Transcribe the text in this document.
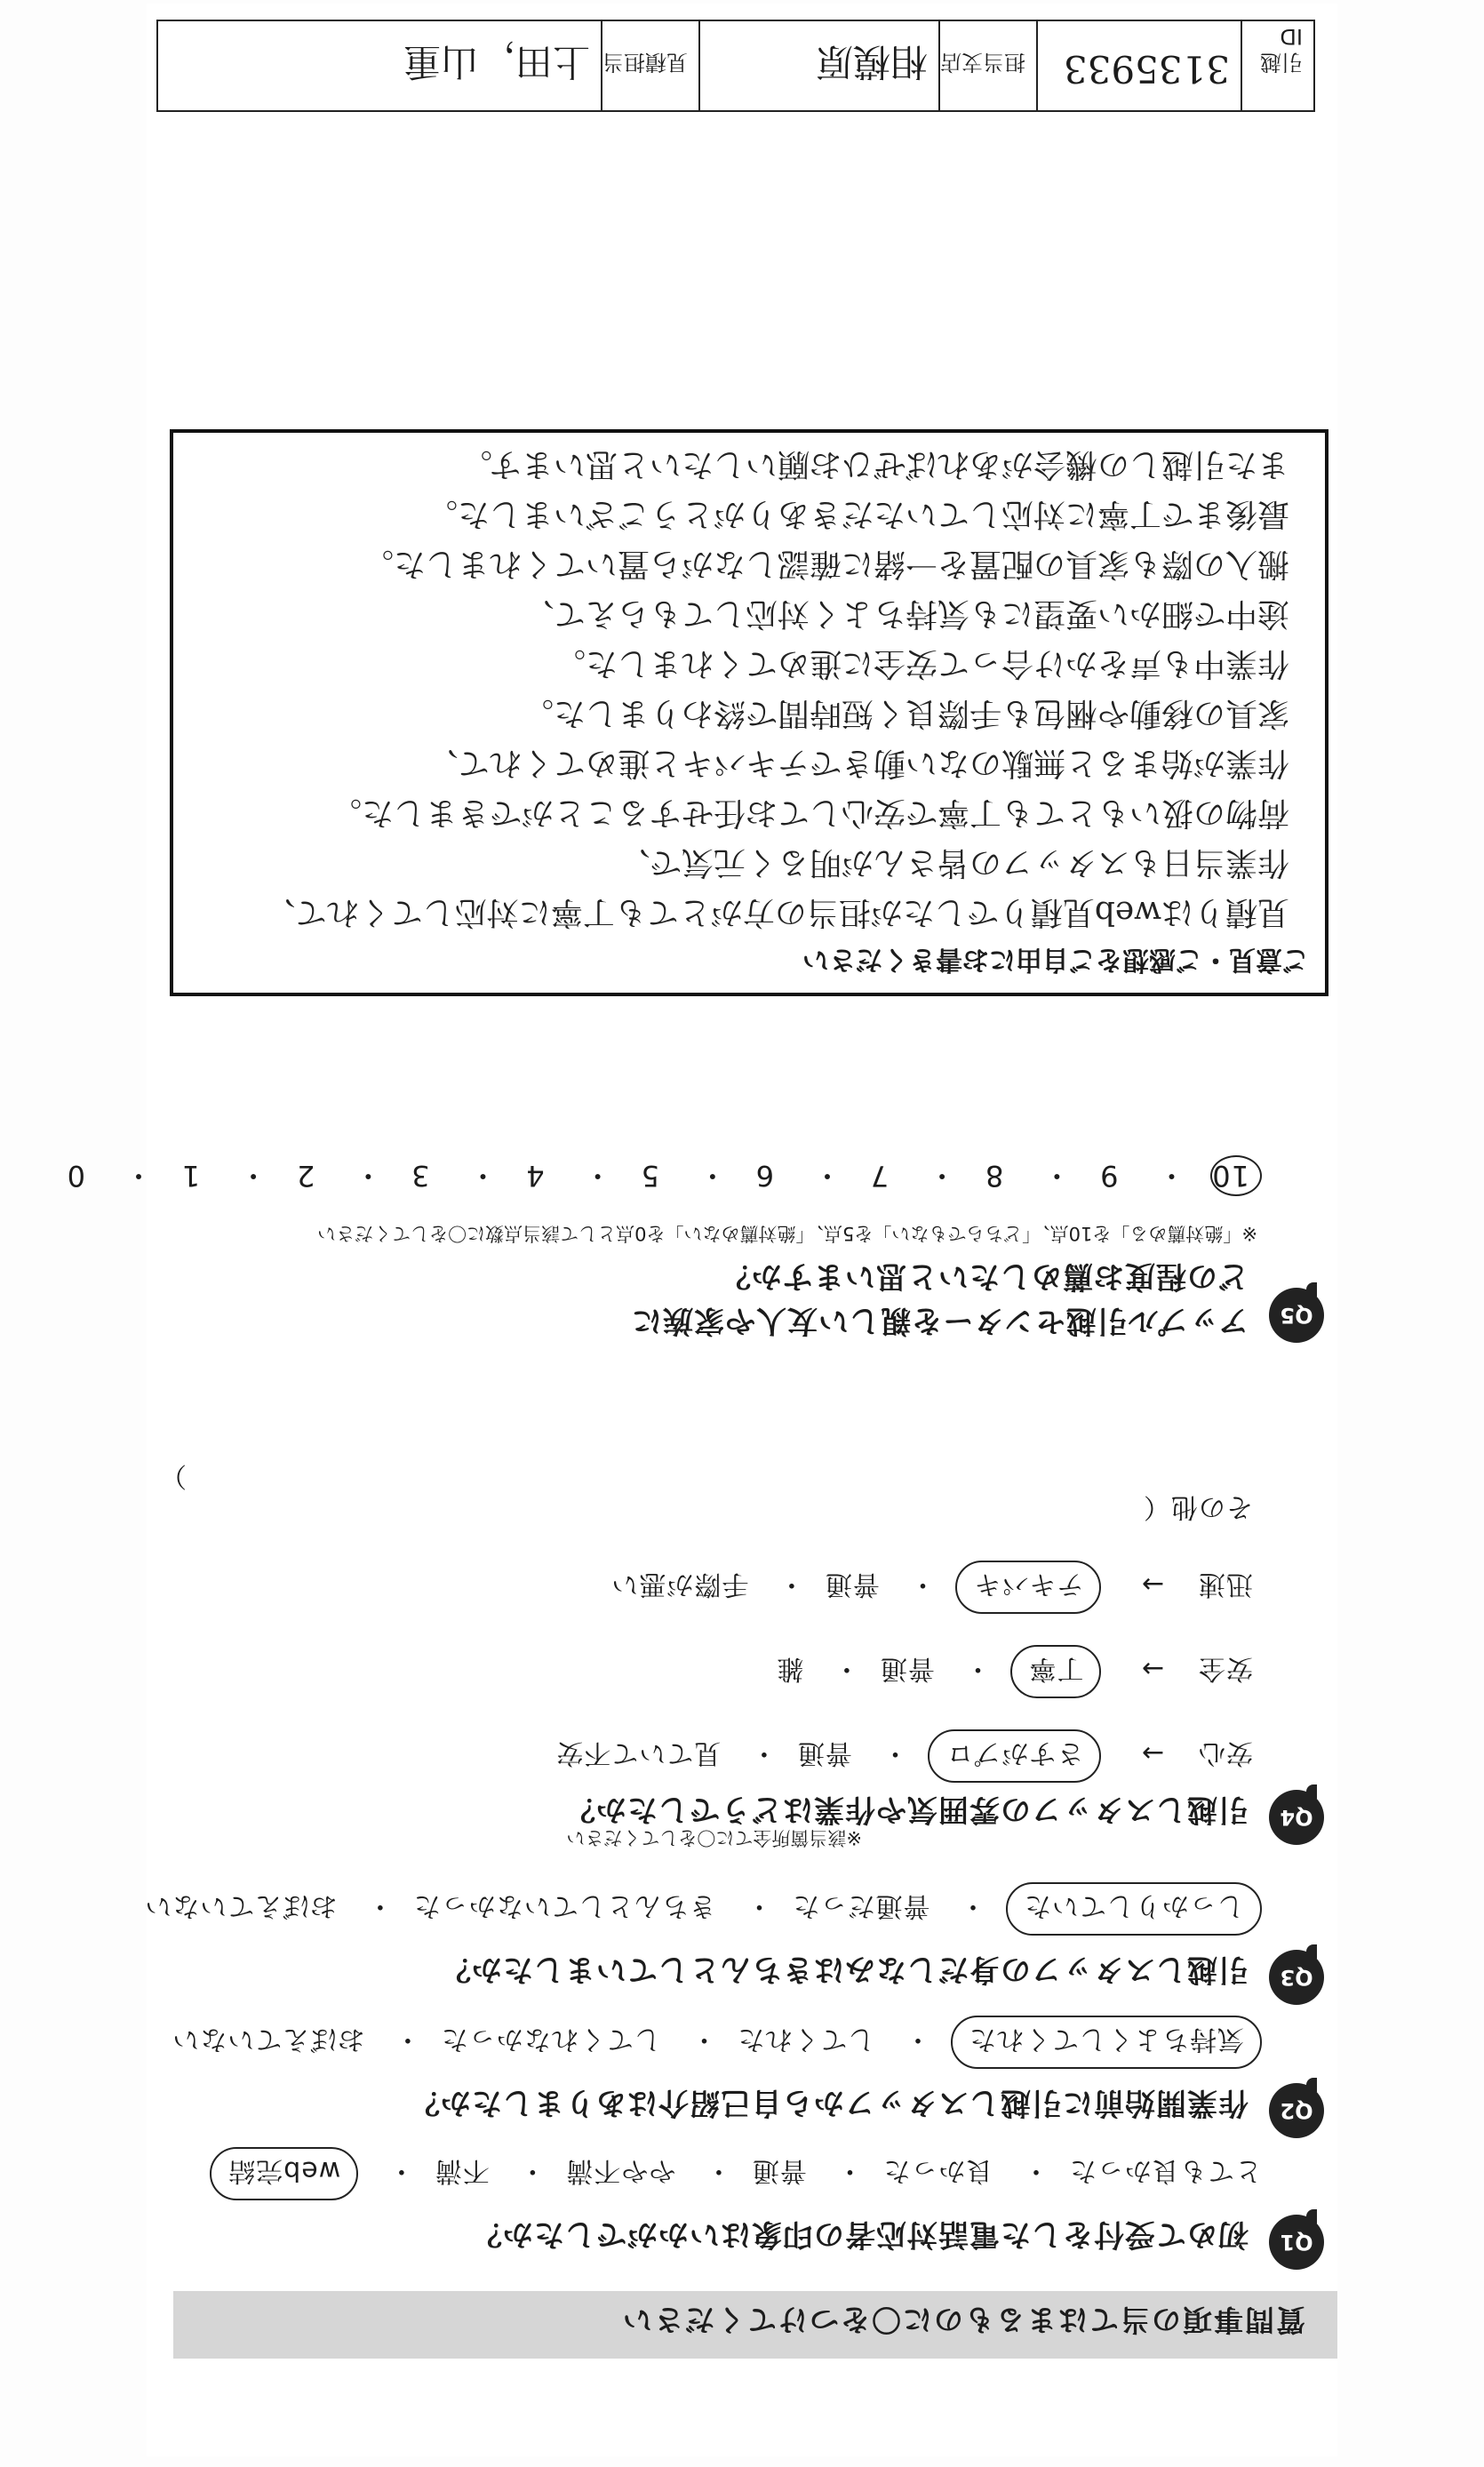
質問事項の当てはまるものに〇をつけてください
Q1
初めて受付をした電話対応者の印象はいかがでしたか？
とても良かった・ 良かった・ 普通・ やや不満・ 不満・ web完結
Q2
作業開始前に引越しスタッフから自己紹介はありましたか？
気持ちよくしてくれた・ してくれた・ してくれなかった・ おぼえていない
Q3
引越しスタッフの身だしなみはきちんとしていましたか？
しっかりしていた・ 普通だった・ きちんとしていなかった・ おぼえていない
Q4
引越しスタッフの雰囲気や作業はどうでしたか？
※該当箇所全てに〇をしてください
安心→ さすがプロ・ 普通・ 見ていて不安
安全→ 丁寧・ 普通・ 雑
迅速→ テキパキ・ 普通・ 手際が悪い
その他（
）
Q5
アップル引越センターを親しい友人や家族に
どの程度お薦めしたいと思いますか？
※「絶対薦める」を10点、「どちらでもない」を5点、「絶対薦めない」を0点として該当点数に〇をしてください
10・ 9・ 8・ 7・ 6・ 5・ 4・ 3・ 2・ 1・ 0
ご意見・ご感想をご自由にお書きください
見積りはweb見積りでしたが担当の方がとても丁寧に対応してくれて、
作業当日もスタッフの皆さんが明るく元気で、
荷物の扱いもとても丁寧で安心してお任せすることができました。
作業が始まると無駄のない動きでテキパキと進めてくれて、
家具の移動や梱包も手際良く短時間で終わりました。
作業中も声をかけ合って安全に進めてくれました。
途中で細かい要望にも気持ちよく対応してもらえて、
搬入の際も家具の配置を一緒に確認しながら置いてくれました。
最後まで丁寧に対応していただきありがとうございました。
また引越しの機会があればぜひお願いしたいと思います。
引越ID
3135933
担当支店
相模原
見積担当
上田，山重
